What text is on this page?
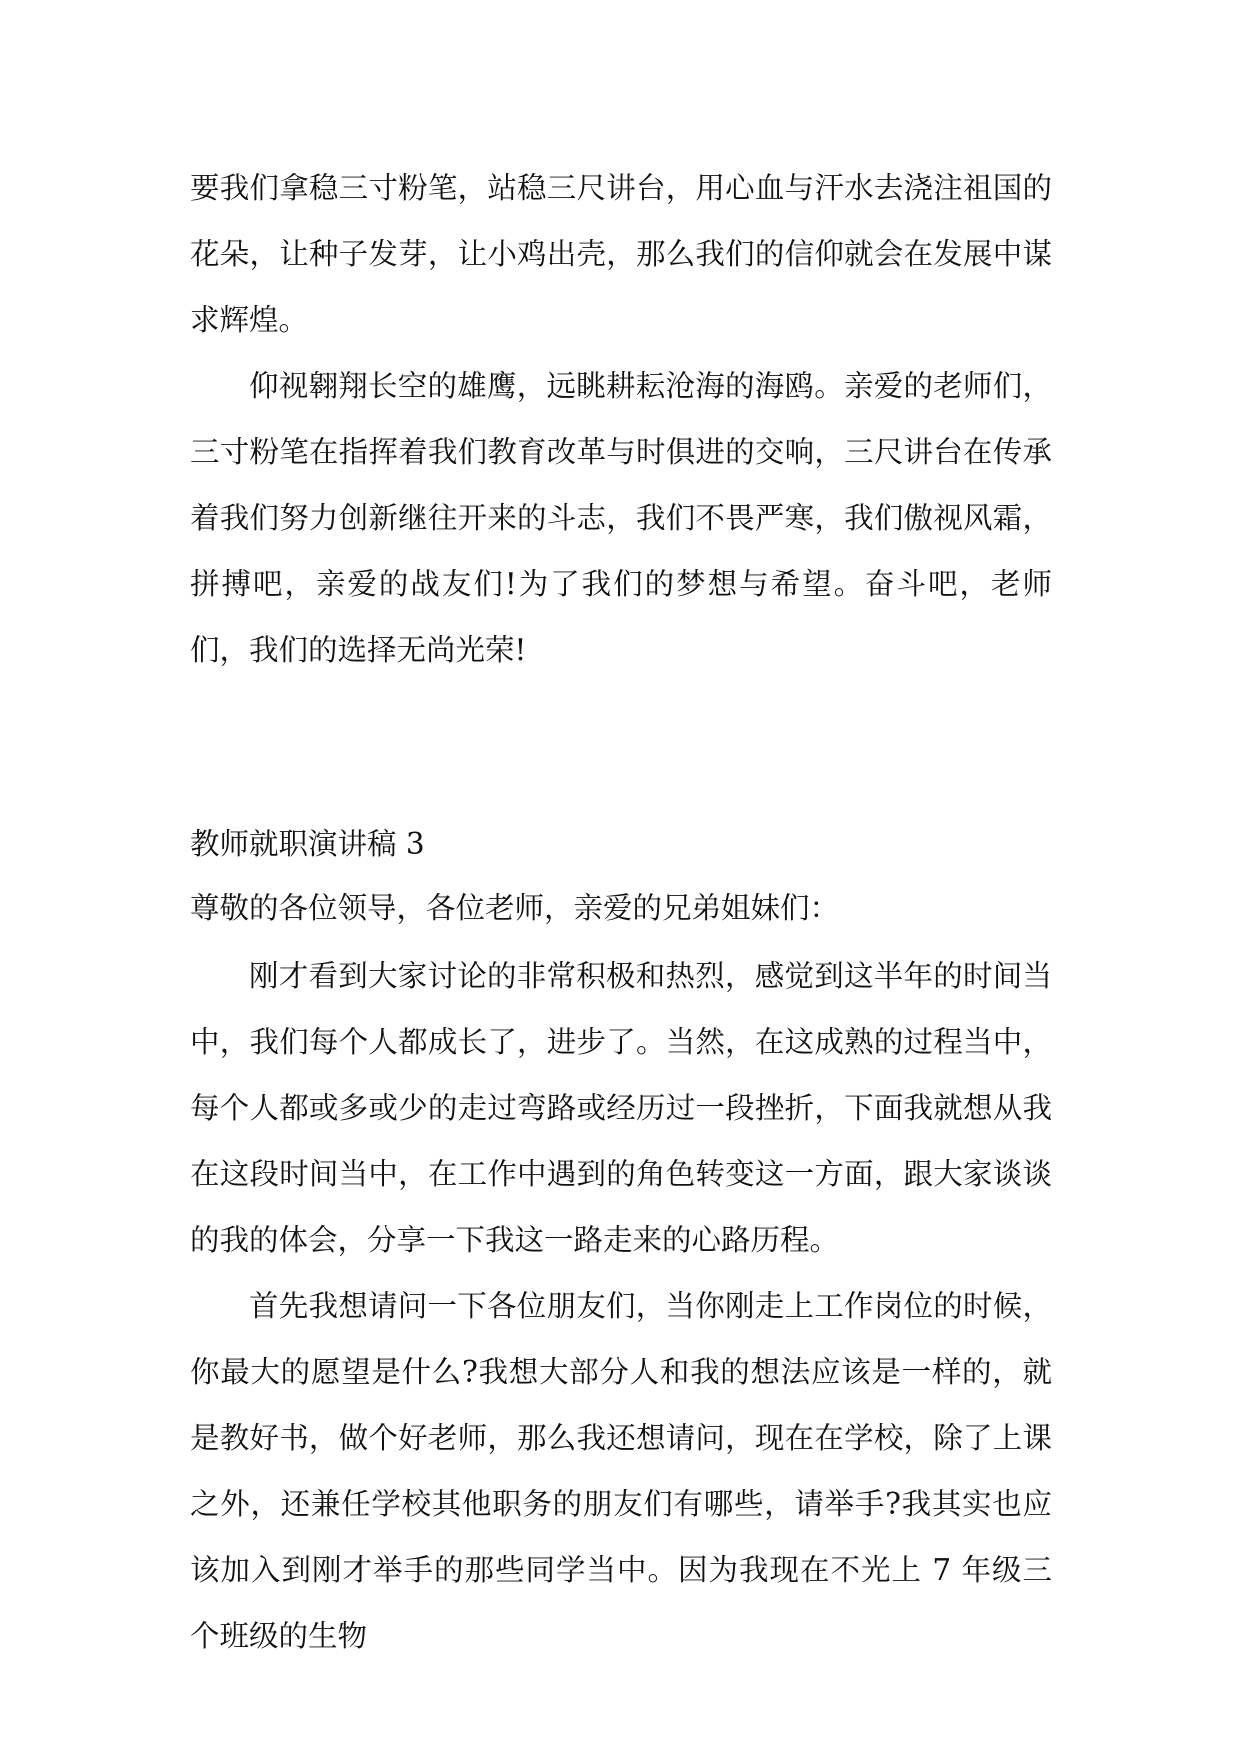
要我们拿稳三寸粉笔，站稳三尺讲台，用心血与汗水去浇注祖国的花朵，让种子发芽，让小鸡出壳，那么我们的信仰就会在发展中谋求辉煌。

仰视翱翔长空的雄鹰，远眺耕耘沧海的海鸥。亲爱的老师们，三寸粉笔在指挥着我们教育改革与时俱进的交响，三尺讲台在传承着我们努力创新继往开来的斗志，我们不畏严寒，我们傲视风霜，拼搏吧，亲爱的战友们!为了我们的梦想与希望。奋斗吧，老师们，我们的选择无尚光荣!

教师就职演讲稿 3

尊敬的各位领导，各位老师，亲爱的兄弟姐妹们：

刚才看到大家讨论的非常积极和热烈，感觉到这半年的时间当中，我们每个人都成长了，进步了。当然，在这成熟的过程当中，每个人都或多或少的走过弯路或经历过一段挫折，下面我就想从我在这段时间当中，在工作中遇到的角色转变这一方面，跟大家谈谈的我的体会，分享一下我这一路走来的心路历程。

首先我想请问一下各位朋友们，当你刚走上工作岗位的时候，你最大的愿望是什么?我想大部分人和我的想法应该是一样的，就是教好书，做个好老师，那么我还想请问，现在在学校，除了上课之外，还兼任学校其他职务的朋友们有哪些，请举手?我其实也应该加入到刚才举手的那些同学当中。因为我现在不光上 7 年级三个班级的生物
